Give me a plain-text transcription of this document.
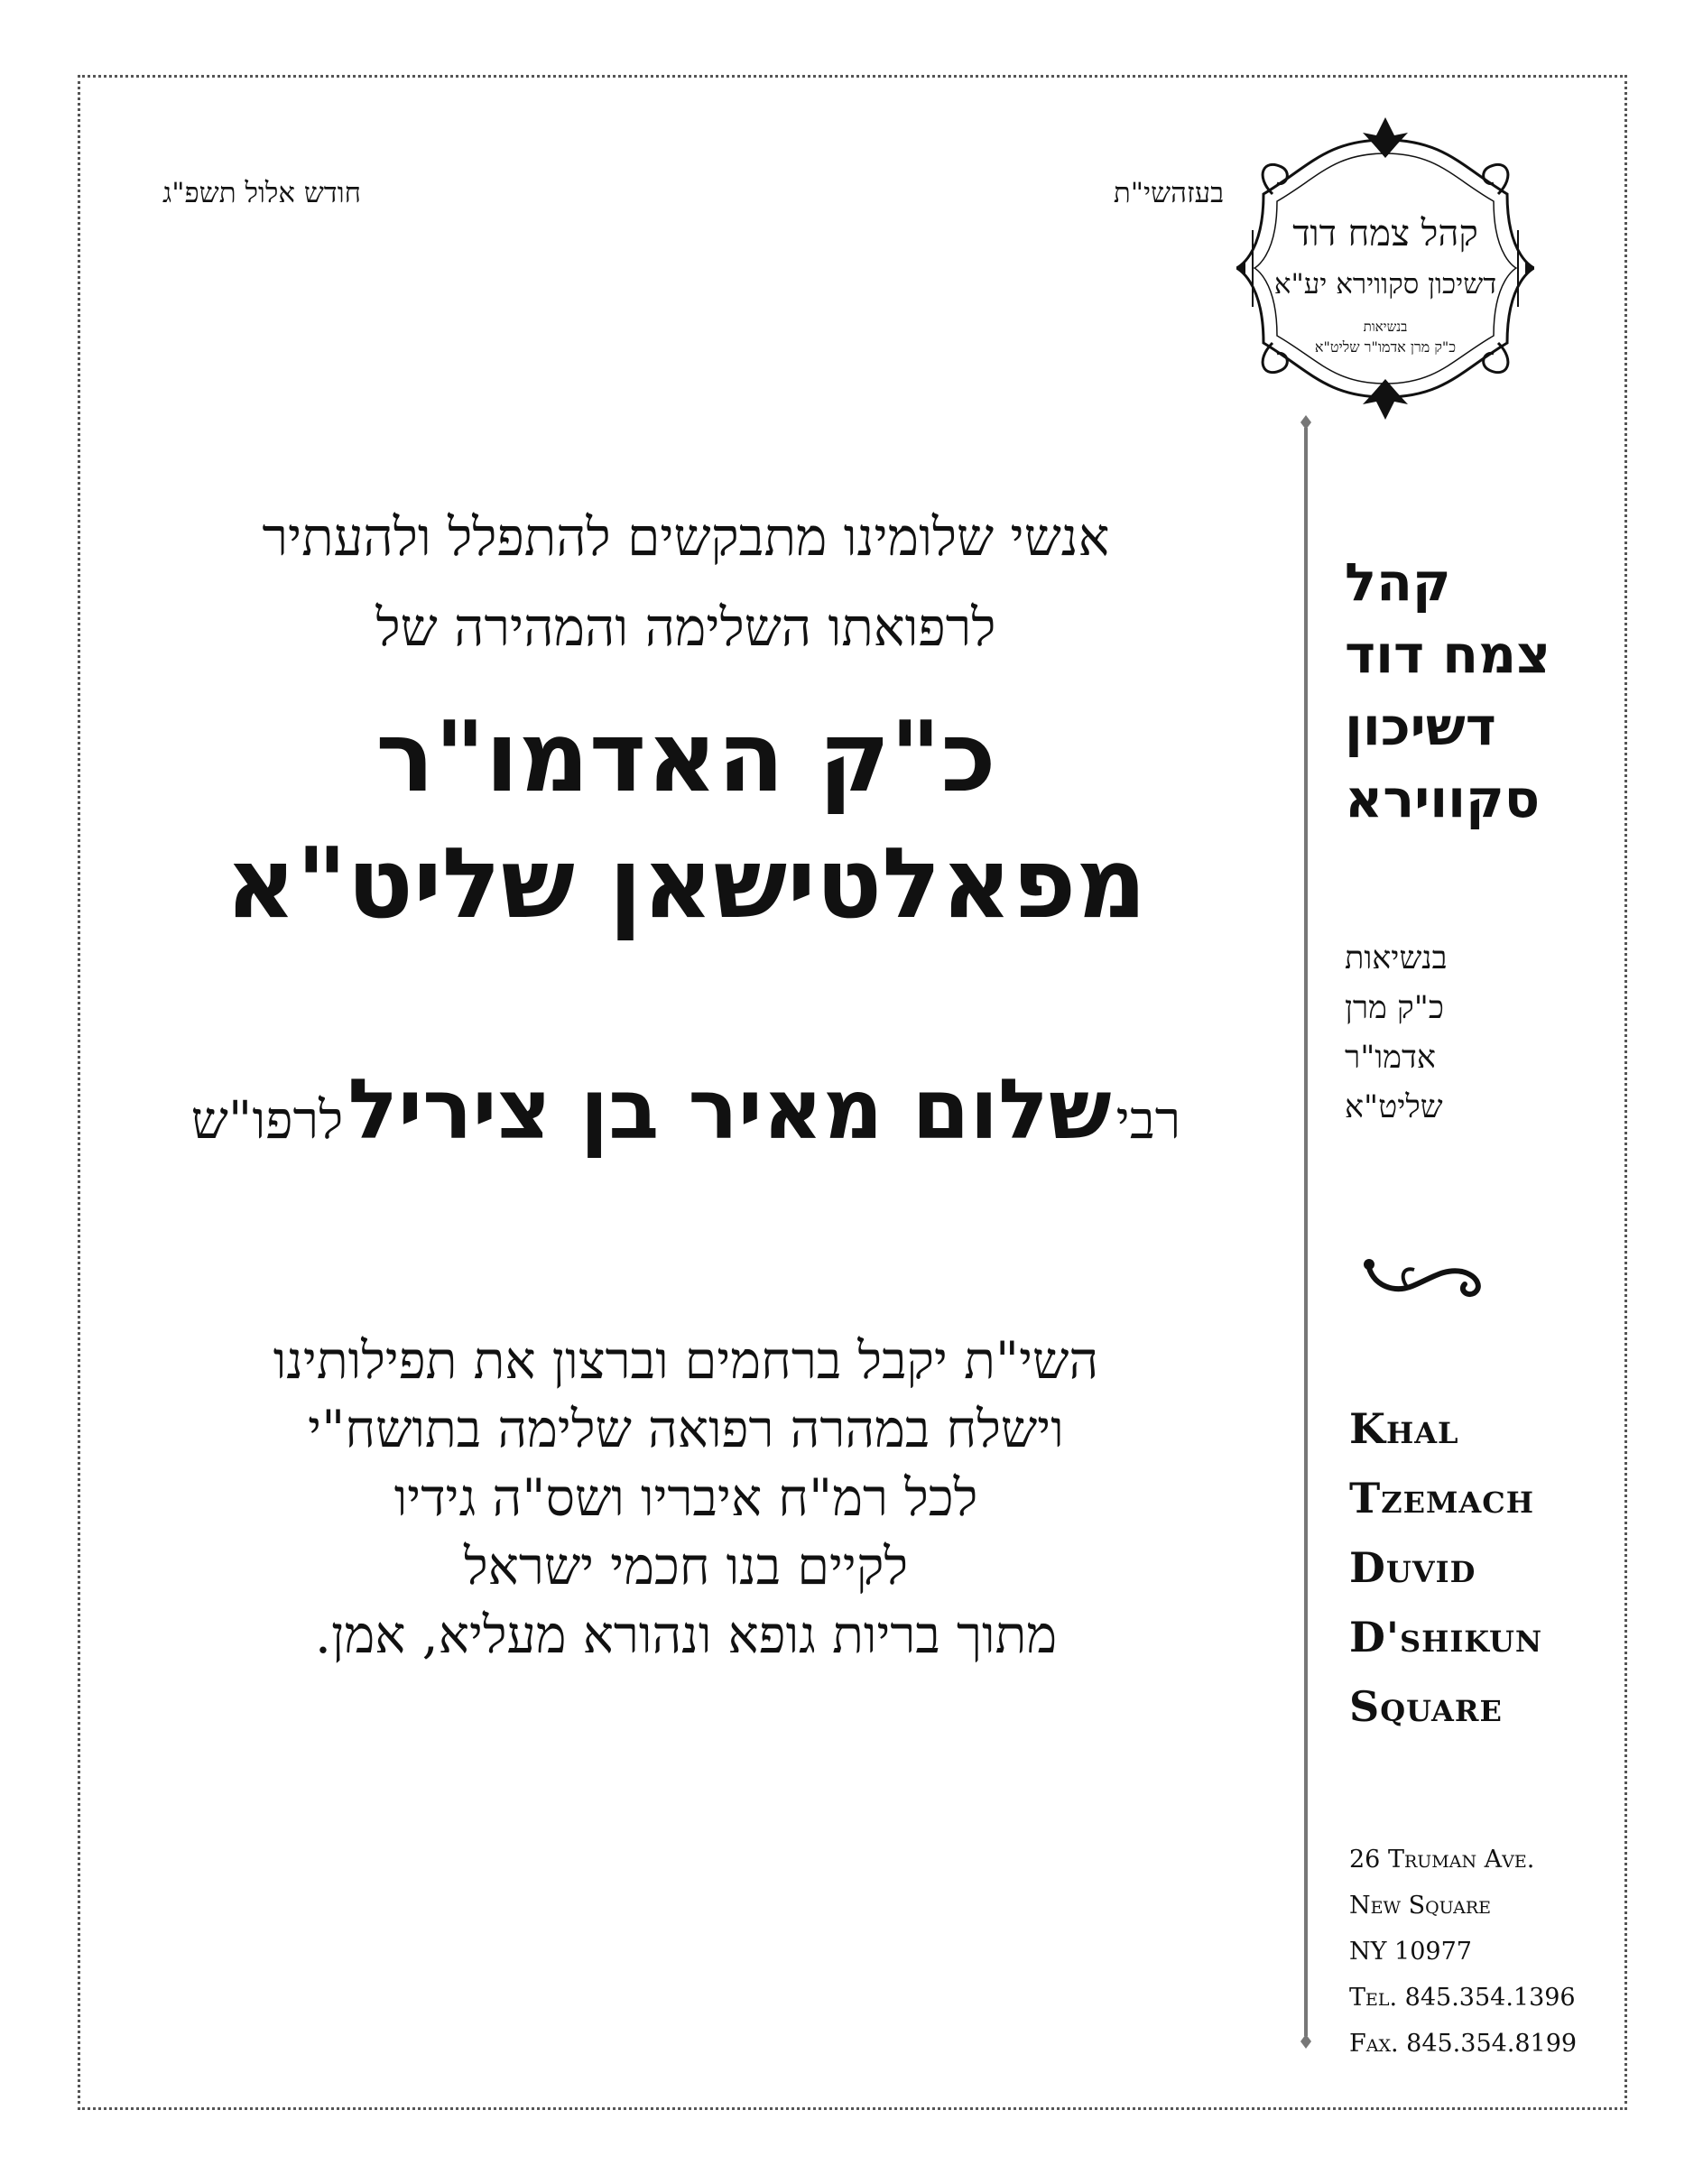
בעזהשי"ת
חודש אלול תשפ"ג
קהל צמח דוד
דשיכון סקווירא יע"א
בנשיאות
כ"ק מרן אדמו"ר שליט"א
אנשי שלומינו מתבקשים להתפלל ולהעתיר
לרפואתו השלימה והמהירה של
כ"ק האדמו"ר
מפאלטישאן שליט"א
רבי שלום מאיר בן ציריל לרפו"ש
השי"ת יקבל ברחמים וברצון את תפילותינו
וישלח במהרה רפואה שלימה בתושח"י
לכל רמ"ח איבריו ושס"ה גידיו
לקיים בנו חכמי ישראל
מתוך בריות גופא ונהורא מעליא, אמן.
קהל
צמח דוד
דשיכון
סקווירא
בנשיאות
כ"ק מרן
אדמו"ר
שליט"א
Khal
Tzemach
Duvid
D'shikun
Square
26 Truman Ave.
New Square
NY 10977
Tel. 845.354.1396
Fax. 845.354.8199
